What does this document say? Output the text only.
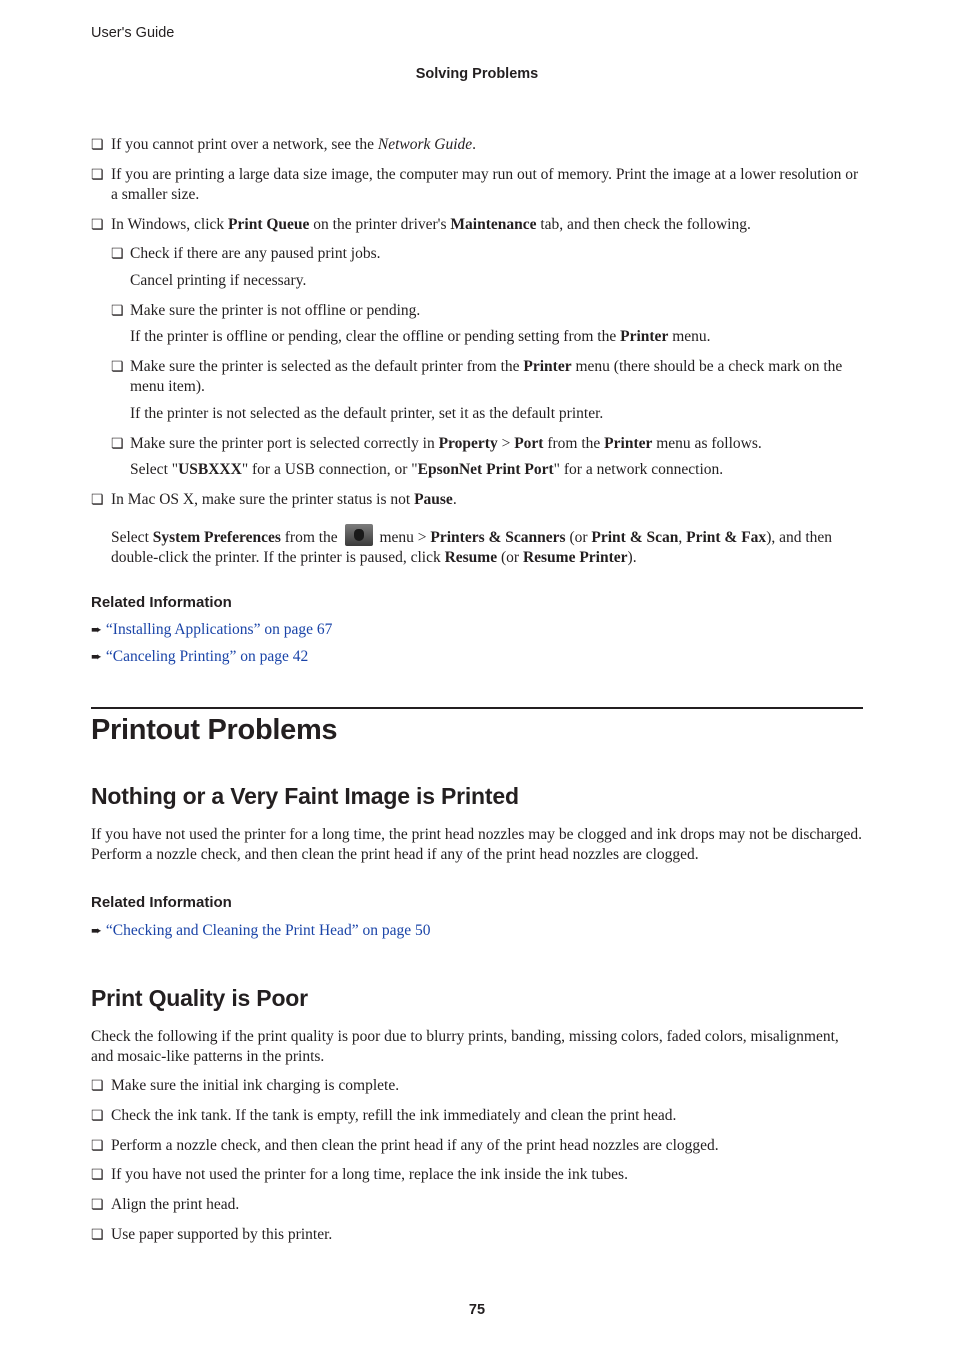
User's Guide
Solving Problems
❏ If you cannot print over a network, see the Network Guide.
❏ If you are printing a large data size image, the computer may run out of memory. Print the image at a lower resolution or a smaller size.
❏ In Windows, click Print Queue on the printer driver's Maintenance tab, and then check the following.
❏ Check if there are any paused print jobs.
Cancel printing if necessary.
❏ Make sure the printer is not offline or pending.
If the printer is offline or pending, clear the offline or pending setting from the Printer menu.
❏ Make sure the printer is selected as the default printer from the Printer menu (there should be a check mark on the menu item).
If the printer is not selected as the default printer, set it as the default printer.
❏ Make sure the printer port is selected correctly in Property > Port from the Printer menu as follows.
Select "USBXXX" for a USB connection, or "EpsonNet Print Port" for a network connection.
❏ In Mac OS X, make sure the printer status is not Pause.
Select System Preferences from the  menu > Printers & Scanners (or Print & Scan, Print & Fax), and then double-click the printer. If the printer is paused, click Resume (or Resume Printer).
Related Information
➨ “Installing Applications” on page 67
➨ “Canceling Printing” on page 42
Printout Problems
Nothing or a Very Faint Image is Printed
If you have not used the printer for a long time, the print head nozzles may be clogged and ink drops may not be discharged. Perform a nozzle check, and then clean the print head if any of the print head nozzles are clogged.
Related Information
➨ “Checking and Cleaning the Print Head” on page 50
Print Quality is Poor
Check the following if the print quality is poor due to blurry prints, banding, missing colors, faded colors, misalignment, and mosaic-like patterns in the prints.
❏ Make sure the initial ink charging is complete.
❏ Check the ink tank. If the tank is empty, refill the ink immediately and clean the print head.
❏ Perform a nozzle check, and then clean the print head if any of the print head nozzles are clogged.
❏ If you have not used the printer for a long time, replace the ink inside the ink tubes.
❏ Align the print head.
❏ Use paper supported by this printer.
75
